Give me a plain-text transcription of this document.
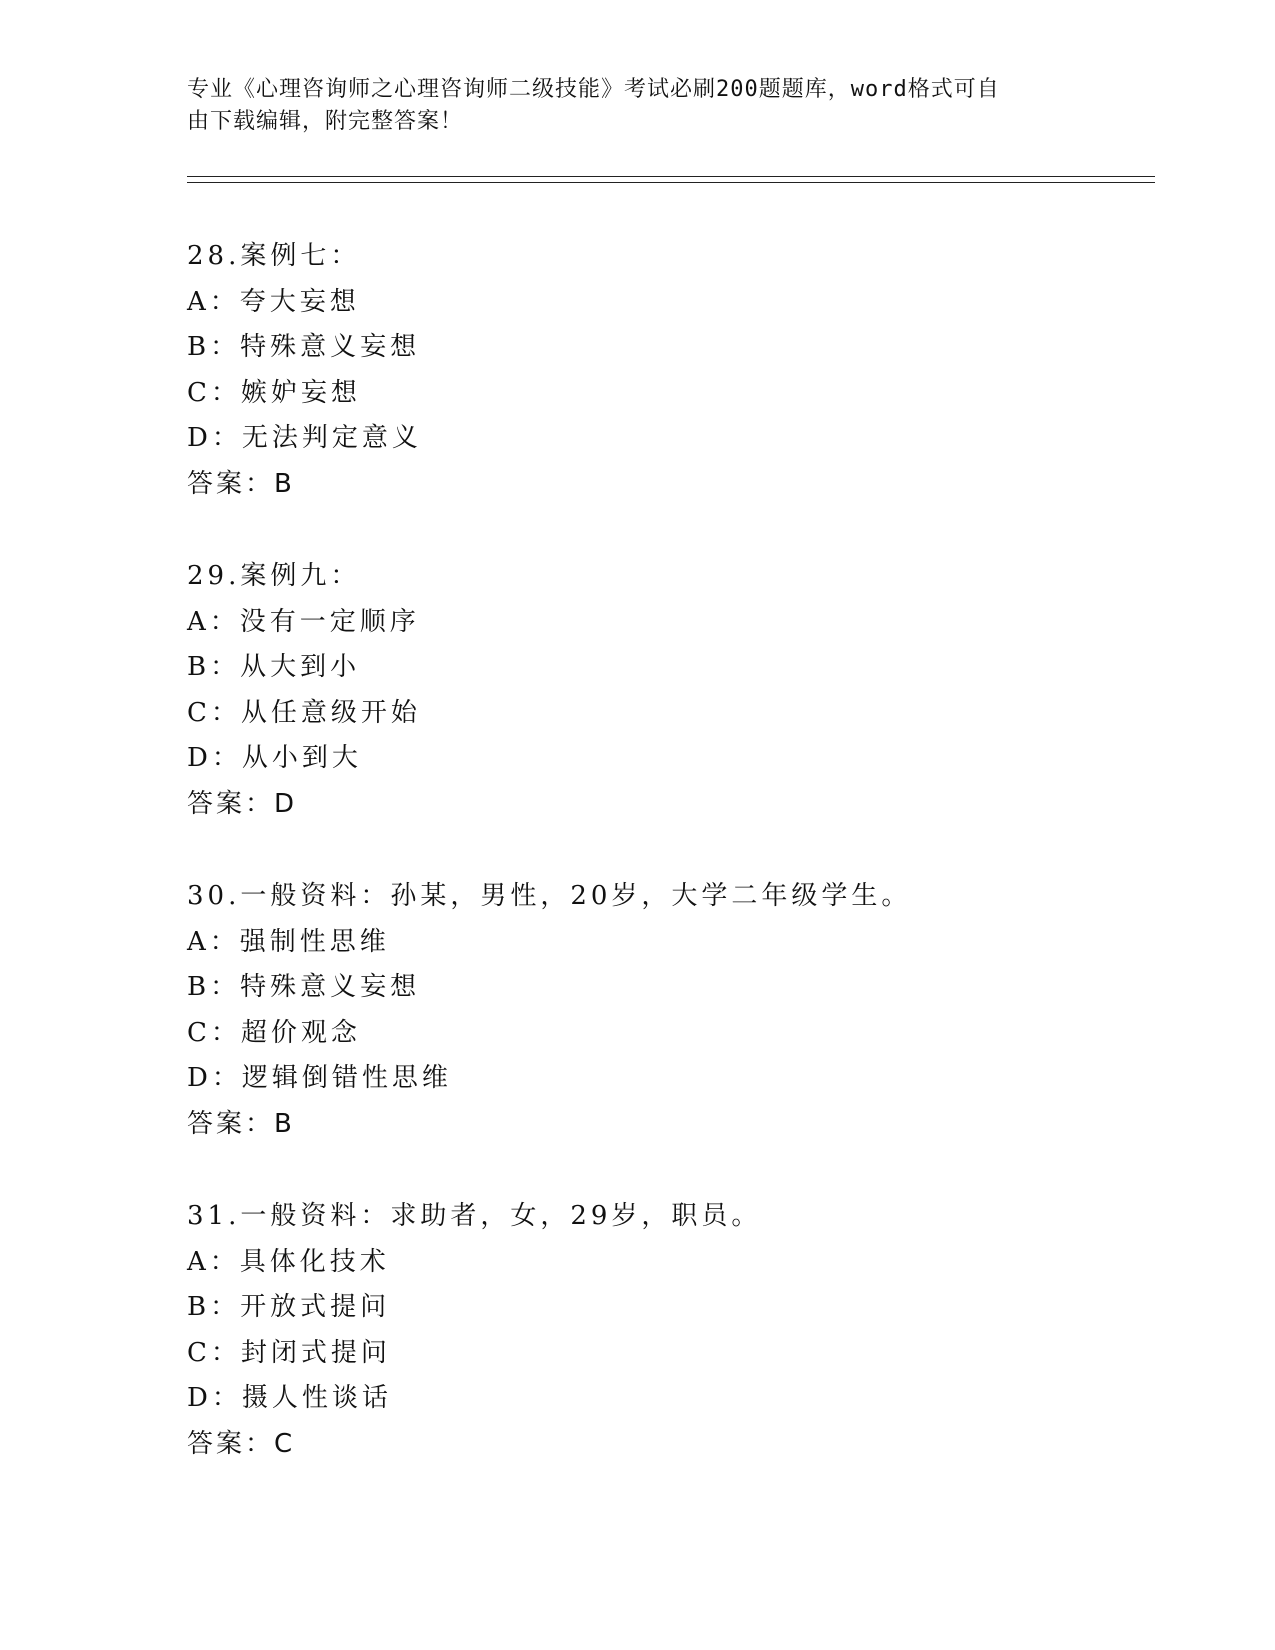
专业《心理咨询师之心理咨询师二级技能》考试必刷200题题库，word格式可自
由下载编辑，附完整答案！
28.案例七：
A：夸大妄想
B：特殊意义妄想
C：嫉妒妄想
D：无法判定意义
答案：B
29.案例九：
A：没有一定顺序
B：从大到小
C：从任意级开始
D：从小到大
答案：D
30.一般资料：孙某，男性，20岁，大学二年级学生。
A：强制性思维
B：特殊意义妄想
C：超价观念
D：逻辑倒错性思维
答案：B
31.一般资料：求助者，女，29岁，职员。
A：具体化技术
B：开放式提问
C：封闭式提问
D：摄人性谈话
答案：C
